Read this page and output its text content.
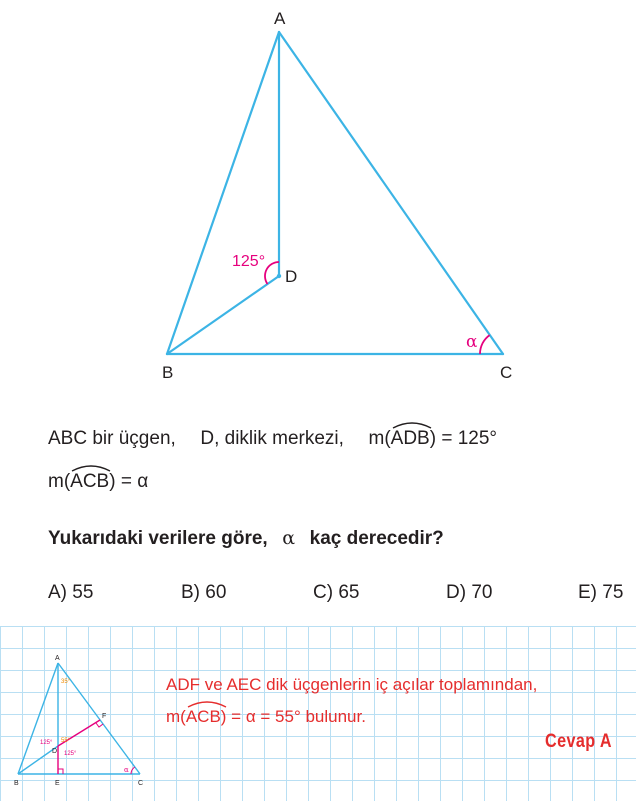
A
B	C
D
125°
α
ABC bir üçgen, D, diklik merkezi, m(
ADB) = 125°
m(
ACB) = α
Yukarıdaki verilere göre, α kaç derecedir?
A) 55	B) 60	C) 65	D) 70	E) 75
A
B	C
D
E
F
35°
125° 55°
125°
α
ADF ve AEC dik üçgenlerin iç açılar toplamından,
m(
ACB) = α = 55° bulunur.
Cevap A
